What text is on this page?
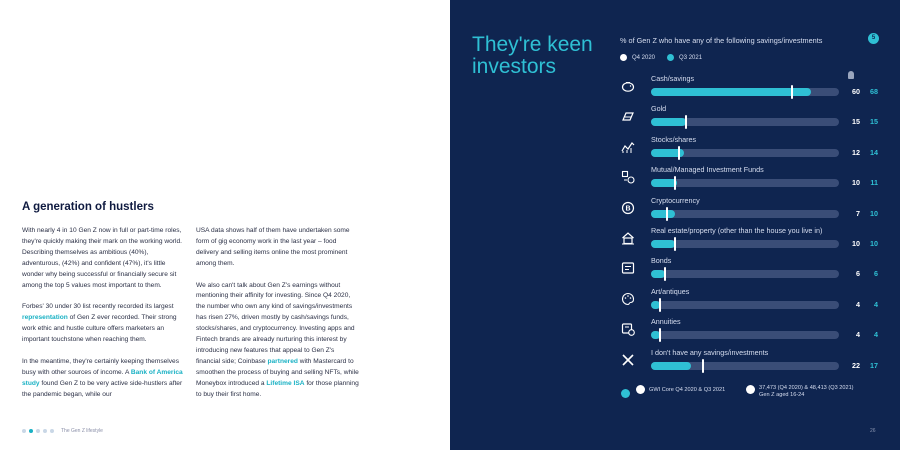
A generation of hustlers

With nearly 4 in 10 Gen Z now in full or part-time roles, they're quickly making their mark on the working world. Describing themselves as ambitious (40%), adventurous, (42%) and confident (47%), it's little wonder why being successful or financially secure sit among the top 5 values most important to them.

Forbes' 30 under 30 list recently recorded its largest representation of Gen Z ever recorded. Their strong work ethic and hustle culture offers marketers an important touchstone when reaching them.

In the meantime, they're certainly keeping themselves busy with other sources of income. A Bank of America study found Gen Z to be very active side-hustlers after the pandemic began, while our

USA data shows half of them have undertaken some form of gig economy work in the last year – food delivery and selling items online the most prominent among them.

We also can't talk about Gen Z's earnings without mentioning their affinity for investing. Since Q4 2020, the number who own any kind of savings/investments has risen 27%, driven mostly by cash/savings funds, stocks/shares, and cryptocurrency. Investing apps and Fintech brands are already nurturing this interest by introducing new features that appeal to Gen Z's financial side; Coinbase partnered with Mastercard to smoothen the process of buying and selling NFTs, while Moneybox introduced a Lifetime ISA for those planning to buy their first home.

The Gen Z lifestyle
They're keen
investors
% of Gen Z who have any of the following savings/investments	5
Q4 2020	Q3 2021
Cash/savings
60	68
Gold
15	15
Stocks/shares
12	14
Mutual/Managed Investment Funds
10	11
B
Cryptocurrency
7	10
Real estate/property (other than the house you live in)
10	10
Bonds
6	6
Art/antiques
4	4
Annuities
4	4
I don't have any savings/investments
22	17
GWI Core Q4 2020 & Q3 2021	37,473 (Q4 2020) & 48,413 (Q3 2021)
Gen Z aged 16-24
26
